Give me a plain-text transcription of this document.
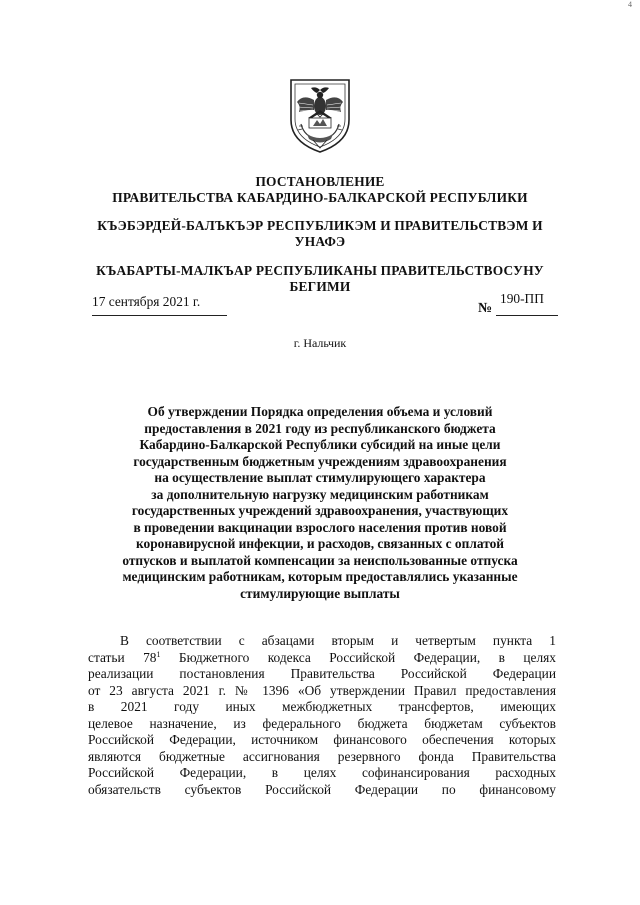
4
ПОСТАНОВЛЕНИЕ
ПРАВИТЕЛЬСТВА КАБАРДИНО-БАЛКАРСКОЙ РЕСПУБЛИКИ
КЪЭБЭРДЕЙ-БАЛЪКЪЭР РЕСПУБЛИКЭМ И ПРАВИТЕЛЬСТВЭМ И
УНАФЭ
КЪАБАРТЫ-МАЛКЪАР РЕСПУБЛИКАНЫ ПРАВИТЕЛЬСТВОСУНУ
БЕГИМИ
17 сентября 2021 г.	№
190-ПП
г. Нальчик
Об утверждении Порядка определения объема и условий
предоставления в 2021 году из республиканского бюджета
Кабардино-Балкарской Республики субсидий на иные цели
государственным бюджетным учреждениям здравоохранения
на осуществление выплат стимулирующего характера
за дополнительную нагрузку медицинским работникам
государственных учреждений здравоохранения, участвующих
в проведении вакцинации взрослого населения против новой
коронавирусной инфекции, и расходов, связанных с оплатой
отпусков и выплатой компенсации за неиспользованные отпуска
медицинским работникам, которым предоставлялись указанные
стимулирующие выплаты
В соответствии с абзацами вторым и четвертым пункта 1
статьи $78^1$ Бюджетного кодекса Российской Федерации, в целях
реализации постановления Правительства Российской Федерации
от 23 августа 2021 г. № 1396 «Об утверждении Правил предоставления
в 2021 году иных межбюджетных трансфертов, имеющих
целевое назначение, из федерального бюджета бюджетам субъектов
Российской Федерации, источником финансового обеспечения которых
являются бюджетные ассигнования резервного фонда Правительства
Российской Федерации, в целях софинансирования расходных
обязательств субъектов Российской Федерации по финансовому
